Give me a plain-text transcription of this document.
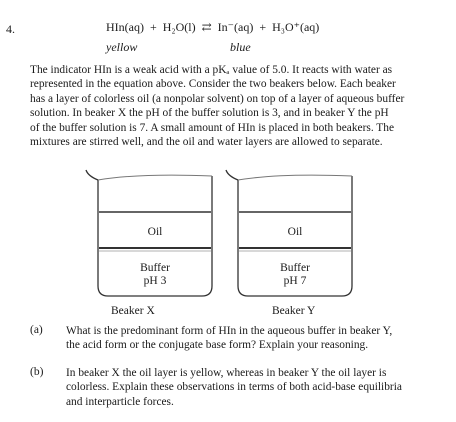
4.	HIn(aq) + H₂O(l) ⇄ In⁻(aq) + H₃O⁺(aq)
yellow	blue
The indicator HIn is a weak acid with a pKₐ value of 5.0. It reacts with water as
represented in the equation above. Consider the two beakers below. Each beaker
has a layer of colorless oil (a nonpolar solvent) on top of a layer of aqueous buffer
solution. In beaker X the pH of the buffer solution is 3, and in beaker Y the pH
of the buffer solution is 7. A small amount of HIn is placed in both beakers. The
mixtures are stirred well, and the oil and water layers are allowed to separate.
Oil
Buffer
pH 3
Oil
Buffer
pH 7
Beaker X	Beaker Y
(a) What is the predominant form of HIn in the aqueous buffer in beaker Y,
the acid form or the conjugate base form? Explain your reasoning.
(b) In beaker X the oil layer is yellow, whereas in beaker Y the oil layer is
colorless. Explain these observations in terms of both acid-base equilibria
and interparticle forces.
